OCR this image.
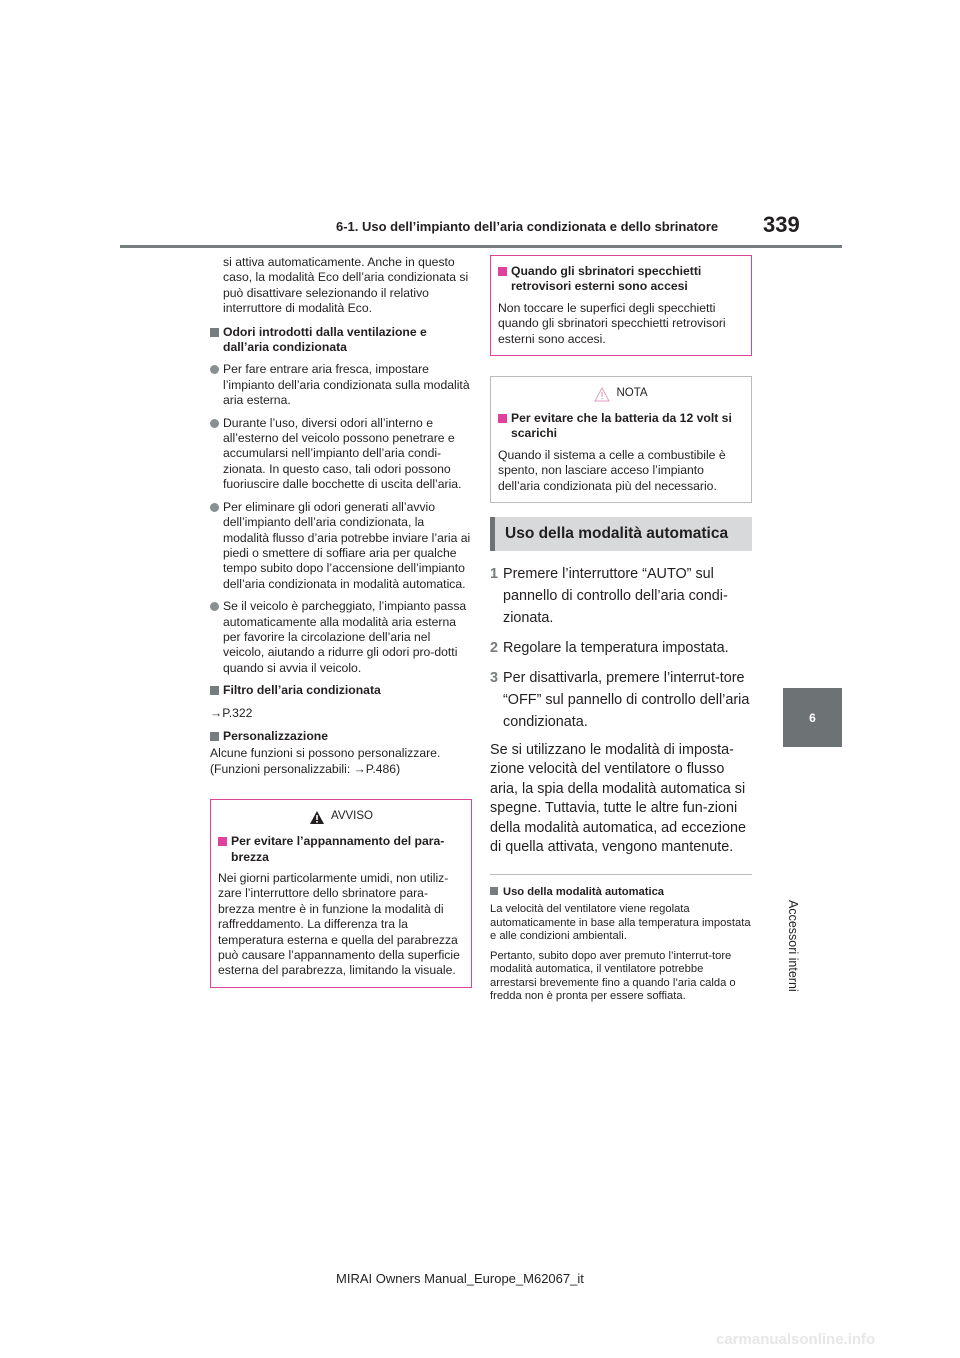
6-1. Uso dell’impianto dell’aria condizionata e dello sbrinatore 339
6
Accessori interni
si attiva automaticamente. Anche in questo caso, la modalità Eco dell’aria condizionata si può disattivare selezionando il relativo interruttore di modalità Eco.
Odori introdotti dalla ventilazione e dall’aria condizionata
Per fare entrare aria fresca, impostare l’impianto dell’aria condizionata sulla modalità aria esterna.
Durante l’uso, diversi odori all’interno e all’esterno del veicolo possono penetrare e accumularsi nell’impianto dell’aria condi-zionata. In questo caso, tali odori possono fuoriuscire dalle bocchette di uscita dell’aria.
Per eliminare gli odori generati all’avvio dell’impianto dell’aria condizionata, la modalità flusso d’aria potrebbe inviare l’aria ai piedi o smettere di soffiare aria per qualche tempo subito dopo l’accensione dell’impianto dell’aria condizionata in modalità automatica.
Se il veicolo è parcheggiato, l’impianto passa automaticamente alla modalità aria esterna per favorire la circolazione dell’aria nel veicolo, aiutando a ridurre gli odori pro-dotti quando si avvia il veicolo.
Filtro dell’aria condizionata
→P.322
Personalizzazione
Alcune funzioni si possono personalizzare. (Funzioni personalizzabili: →P.486)
AVVISO
Per evitare l’appannamento del para-brezza
Nei giorni particolarmente umidi, non utiliz-zare l’interruttore dello sbrinatore para-brezza mentre è in funzione la modalità di raffreddamento. La differenza tra la temperatura esterna e quella del parabrezza può causare l’appannamento della superficie esterna del parabrezza, limitando la visuale.
Quando gli sbrinatori specchietti retrovisori esterni sono accesi
Non toccare le superfici degli specchietti quando gli sbrinatori specchietti retrovisori esterni sono accesi.
NOTA
Per evitare che la batteria da 12 volt si scarichi
Quando il sistema a celle a combustibile è spento, non lasciare acceso l’impianto dell’aria condizionata più del necessario.
Uso della modalità automatica
1 Premere l’interruttore “AUTO” sul pannello di controllo dell’aria condi-zionata.
2 Regolare la temperatura impostata.
3 Per disattivarla, premere l’interrut-tore “OFF” sul pannello di controllo dell’aria condizionata.
Se si utilizzano le modalità di imposta-zione velocità del ventilatore o flusso aria, la spia della modalità automatica si spegne. Tuttavia, tutte le altre fun-zioni della modalità automatica, ad eccezione di quella attivata, vengono mantenute.
Uso della modalità automatica
La velocità del ventilatore viene regolata automaticamente in base alla temperatura impostata e alle condizioni ambientali.
Pertanto, subito dopo aver premuto l’interrut-tore modalità automatica, il ventilatore potrebbe arrestarsi brevemente fino a quando l’aria calda o fredda non è pronta per essere soffiata.
MIRAI Owners Manual_Europe_M62067_it
carmanualsonline.info
